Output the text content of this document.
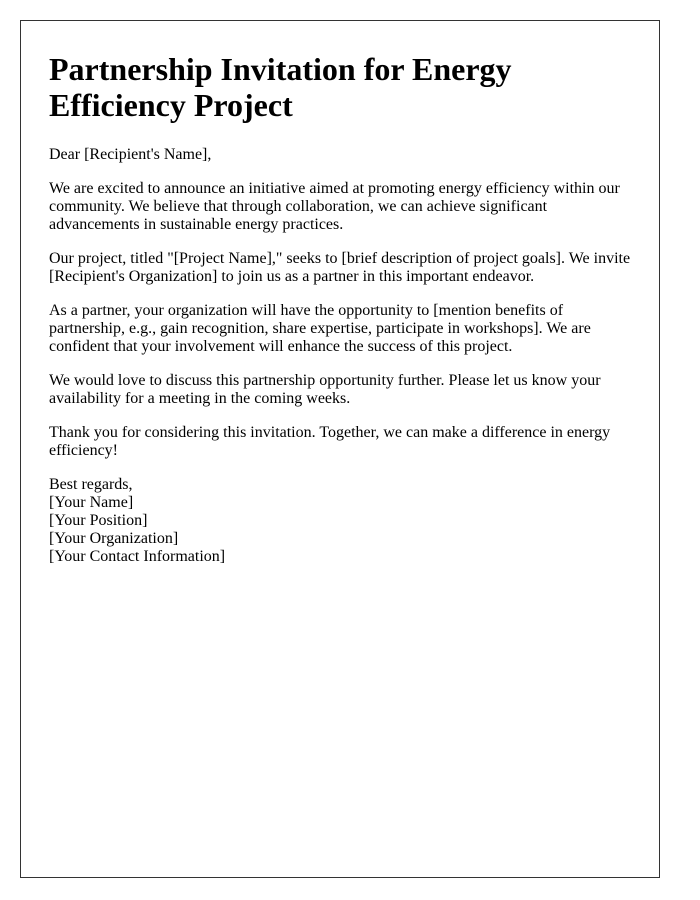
Partnership Invitation for Energy Efficiency Project

Dear [Recipient's Name],

We are excited to announce an initiative aimed at promoting energy efficiency within our community. We believe that through collaboration, we can achieve significant advancements in sustainable energy practices.

Our project, titled "[Project Name]," seeks to [brief description of project goals]. We invite [Recipient's Organization] to join us as a partner in this important endeavor.

As a partner, your organization will have the opportunity to [mention benefits of partnership, e.g., gain recognition, share expertise, participate in workshops]. We are confident that your involvement will enhance the success of this project.

We would love to discuss this partnership opportunity further. Please let us know your availability for a meeting in the coming weeks.

Thank you for considering this invitation. Together, we can make a difference in energy efficiency!

Best regards,
[Your Name]
[Your Position]
[Your Organization]
[Your Contact Information]
